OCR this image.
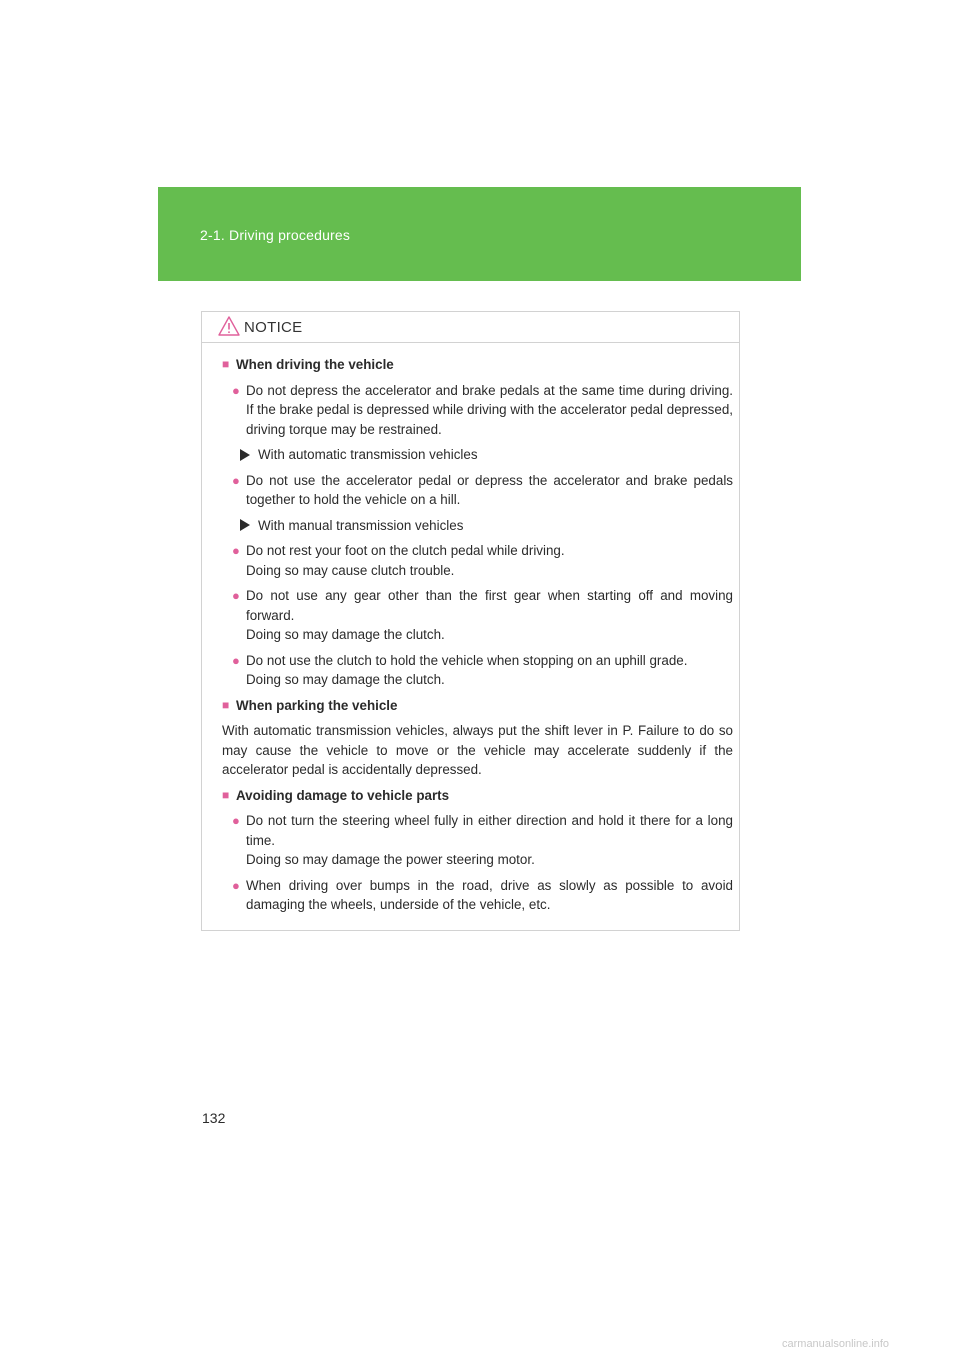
2-1. Driving procedures
NOTICE
■ When driving the vehicle
● Do not depress the accelerator and brake pedals at the same time during driving. If the brake pedal is depressed while driving with the accelerator pedal depressed, driving torque may be restrained.
With automatic transmission vehicles
● Do not use the accelerator pedal or depress the accelerator and brake pedals together to hold the vehicle on a hill.
With manual transmission vehicles
● Do not rest your foot on the clutch pedal while driving.
Doing so may cause clutch trouble.
● Do not use any gear other than the first gear when starting off and moving forward.
Doing so may damage the clutch.
● Do not use the clutch to hold the vehicle when stopping on an uphill grade.
Doing so may damage the clutch.
■ When parking the vehicle
With automatic transmission vehicles, always put the shift lever in P. Failure to do so may cause the vehicle to move or the vehicle may accelerate suddenly if the accelerator pedal is accidentally depressed.
■ Avoiding damage to vehicle parts
● Do not turn the steering wheel fully in either direction and hold it there for a long time.
Doing so may damage the power steering motor.
● When driving over bumps in the road, drive as slowly as possible to avoid damaging the wheels, underside of the vehicle, etc.
132
carmanualsonline.info
